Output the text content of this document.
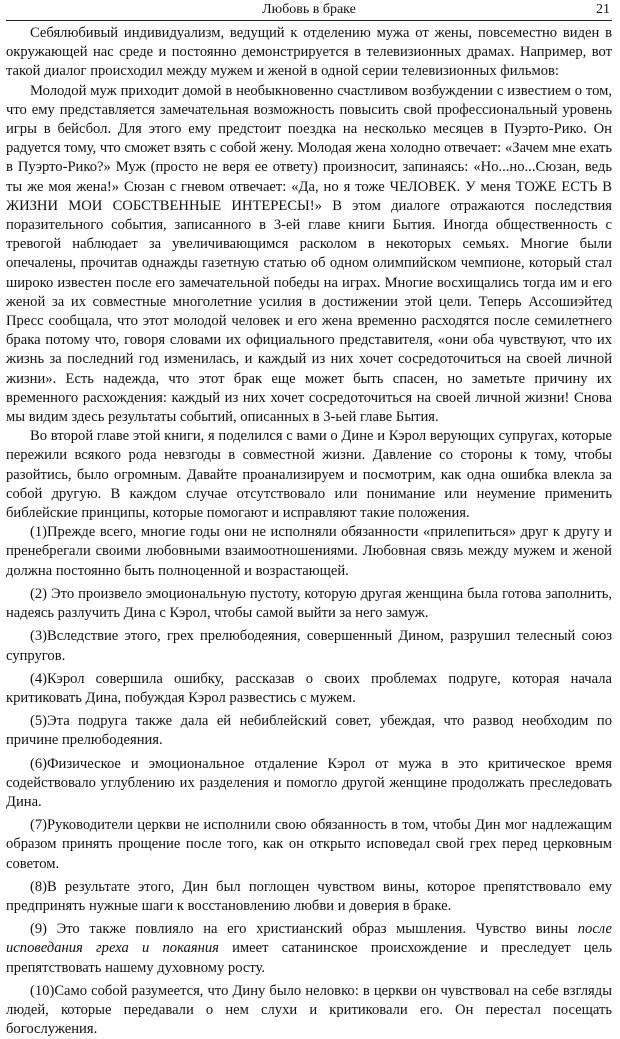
Любовь в браке	21

Себялюбивый индивидуализм, ведущий к отделению мужа от жены, повсеместно виден в окружающей нас среде и постоянно демонстрируется в телевизионных драмах. Например, вот такой диалог происходил между мужем и женой в одной серии телевизионных фильмов:

Молодой муж приходит домой в необыкновенно счастливом возбуждении с известием о том, что ему представляется замечательная возможность повысить свой профессиональный уровень игры в бейсбол. Для этого ему предстоит поездка на несколько месяцев в Пуэрто-Рико. Он радуется тому, что сможет взять с собой жену. Молодая жена холодно отвечает: «Зачем мне ехать в Пуэрто-Рико?» Муж (просто не веря ее ответу) произносит, запинаясь: «Но...но...Сюзан, ведь ты же моя жена!» Сюзан с гневом отвечает: «Да, но я тоже ЧЕЛОВЕК. У меня ТОЖЕ ЕСТЬ В ЖИЗНИ МОИ СОБСТВЕННЫЕ ИНТЕРЕСЫ!» В этом диалоге отражаются последствия поразительного события, записанного в 3-ей главе книги Бытия. Иногда общественность с тревогой наблюдает за увеличивающимся расколом в некоторых семьях. Многие были опечалены, прочитав однажды газетную статью об одном олимпийском чемпионе, который стал широко известен после его замечательной победы на играх. Многие восхищались тогда им и его женой за их совместные многолетние усилия в достижении этой цели. Теперь Ассошиэйтед Пресс сообщала, что этот молодой человек и его жена временно расходятся после семилетнего брака потому что, говоря словами их официального представителя, «они оба чувствуют, что их жизнь за последний год изменилась, и каждый из них хочет сосредоточиться на своей личной жизни». Есть надежда, что этот брак еще может быть спасен, но заметьте причину их временного расхождения: каждый из них хочет сосредоточиться на своей личной жизни! Снова мы видим здесь результаты событий, описанных в 3-ьей главе Бытия.

Во второй главе этой книги, я поделился с вами о Дине и Кэрол верующих супругах, которые пережили всякого рода невзгоды в совместной жизни. Давление со стороны к тому, чтобы разойтись, было огромным. Давайте проанализируем и посмотрим, как одна ошибка влекла за собой другую. В каждом случае отсутствовало или понимание или неумение применить библейские принципы, которые помогают и исправляют такие положения.

(1)Прежде всего, многие годы они не исполняли обязанности «прилепиться» друг к другу и пренебрегали своими любовными взаимоотношениями. Любовная связь между мужем и женой должна постоянно быть полноценной и возрастающей.

(2) Это произвело эмоциональную пустоту, которую другая женщина была готова заполнить, надеясь разлучить Дина с Кэрол, чтобы самой выйти за него замуж.

(3)Вследствие этого, грех прелюбодеяния, совершенный Дином, разрушил телесный союз супругов.

(4)Кэрол совершила ошибку, рассказав о своих проблемах подруге, которая начала критиковать Дина, побуждая Кэрол развестись с мужем.

(5)Эта подруга также дала ей небиблейский совет, убеждая, что развод необходим по причине прелюбодеяния.

(6)Физическое и эмоциональное отдаление Кэрол от мужа в это критическое время содействовало углублению их разделения и помогло другой женщине продолжать преследовать Дина.

(7)Руководители церкви не исполнили свою обязанность в том, чтобы Дин мог надлежащим образом принять прощение после того, как он открыто исповедал свой грех перед церковным советом.

(8)В результате этого, Дин был поглощен чувством вины, которое препятствовало ему предпринять нужные шаги к восстановлению любви и доверия в браке.

(9) Это также повлияло на его христианский образ мышления. Чувство вины после исповедания греха и покаяния имеет сатанинское происхождение и преследует цель препятствовать нашему духовному росту.

(10)Само собой разумеется, что Дину было неловко: в церкви он чувствовал на себе взгляды людей, которые передавали о нем слухи и критиковали его. Он перестал посещать богослужения.
